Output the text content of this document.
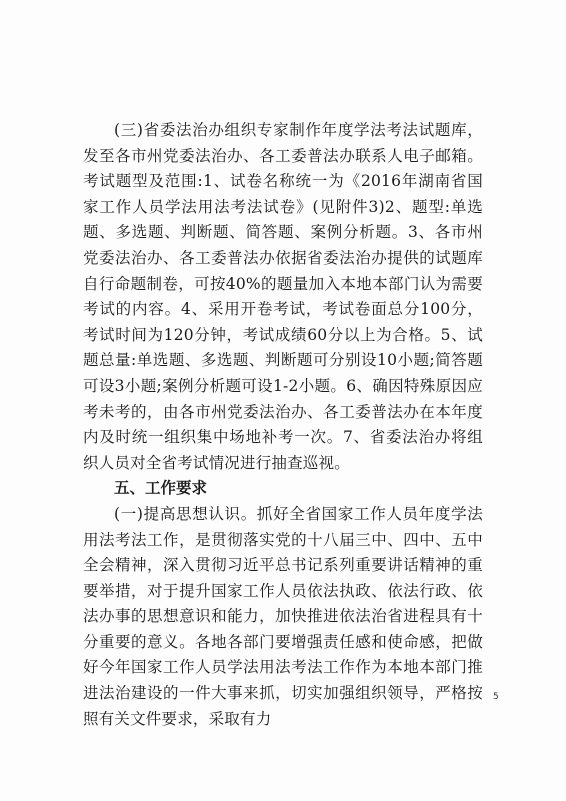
(三)省委法治办组织专家制作年度学法考法试题库，发至各市州党委法治办、各工委普法办联系人电子邮箱。考试题型及范围:1、试卷名称统一为《2016年湖南省国家工作人员学法用法考法试卷》(见附件3)2、题型:单选题、多选题、判断题、简答题、案例分析题。3、各市州党委法治办、各工委普法办依据省委法治办提供的试题库自行命题制卷，可按40%的题量加入本地本部门认为需要考试的内容。4、采用开卷考试，考试卷面总分100分，考试时间为120分钟，考试成绩60分以上为合格。5、试题总量:单选题、多选题、判断题可分别设10小题;简答题可设3小题;案例分析题可设1-2小题。6、确因特殊原因应考未考的，由各市州党委法治办、各工委普法办在本年度内及时统一组织集中场地补考一次。7、省委法治办将组织人员对全省考试情况进行抽查巡视。

五、工作要求

(一)提高思想认识。抓好全省国家工作人员年度学法用法考法工作，是贯彻落实党的十八届三中、四中、五中全会精神，深入贯彻习近平总书记系列重要讲话精神的重要举措，对于提升国家工作人员依法执政、依法行政、依法办事的思想意识和能力，加快推进依法治省进程具有十分重要的意义。各地各部门要增强责任感和使命感，把做好今年国家工作人员学法用法考法工作作为本地本部门推进法治建设的一件大事来抓，切实加强组织领导，严格按照有关文件要求，采取有力

5
